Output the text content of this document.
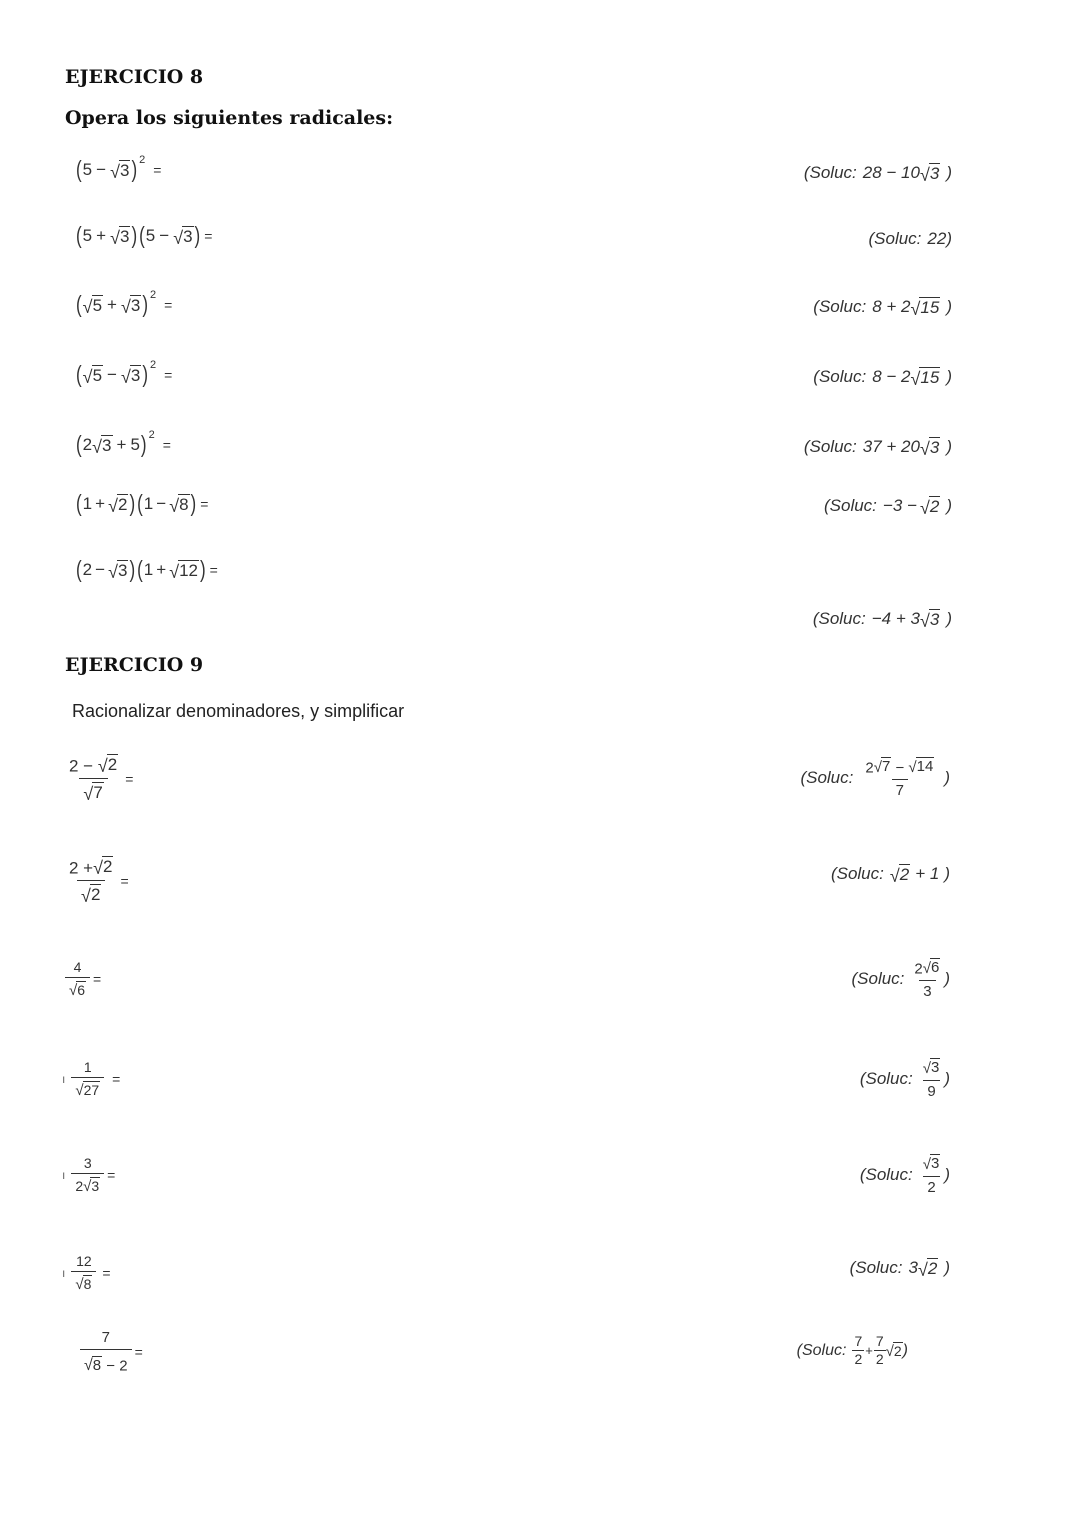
EJERCICIO 8
Opera los siguientes radicales:
( 5 − √ 3 ) 2
=	(Soluc: 28 − 10 √ 3 )
( 5 + √ 3 ) ( 5 − √ 3 ) =	(Soluc: 22)
( √ 5 + √ 3 ) 2
=	(Soluc: 8 + 2 √ 15 )
( √ 5 − √ 3 ) 2
=	(Soluc: 8 − 2 √ 15 )
( 2 √ 3 + 5 ) 2
=	(Soluc: 37 + 20 √ 3 )
( 1 + √ 2 ) ( 1 − √ 8 ) =	(Soluc: −3 − √ 2 )
( 2 − √ 3 ) ( 1 + √ 12 ) =
(Soluc: −4 + 3 √ 3 )
EJERCICIO 9
Racionalizar denominadores, y simplificar
$\frac{2 - √ 2}{√ 7}$ =	(Soluc: $\frac{2 √ 7 - √ 14}{7}$ )
$\frac{2 + √ 2}{√ 2}$ =	(Soluc: √ 2 + 1 )
$\frac{4}{√ 6}$ =	(Soluc: $\frac{2 √ 6}{3}$ )
ı $\frac{1}{√ 27}$ =	(Soluc: $\frac{√ 3}{9}$ )
ı $\frac{3}{2 √ 3}$ =	(Soluc: $\frac{√ 3}{2}$ )
ı $\frac{12}{√ 8}$ =	(Soluc: 3 √ 2 )
$\frac{7}{√ 8 - 2}$ =	(Soluc: $\frac{7}{2} + \frac{7}{2}$ √ 2 )
